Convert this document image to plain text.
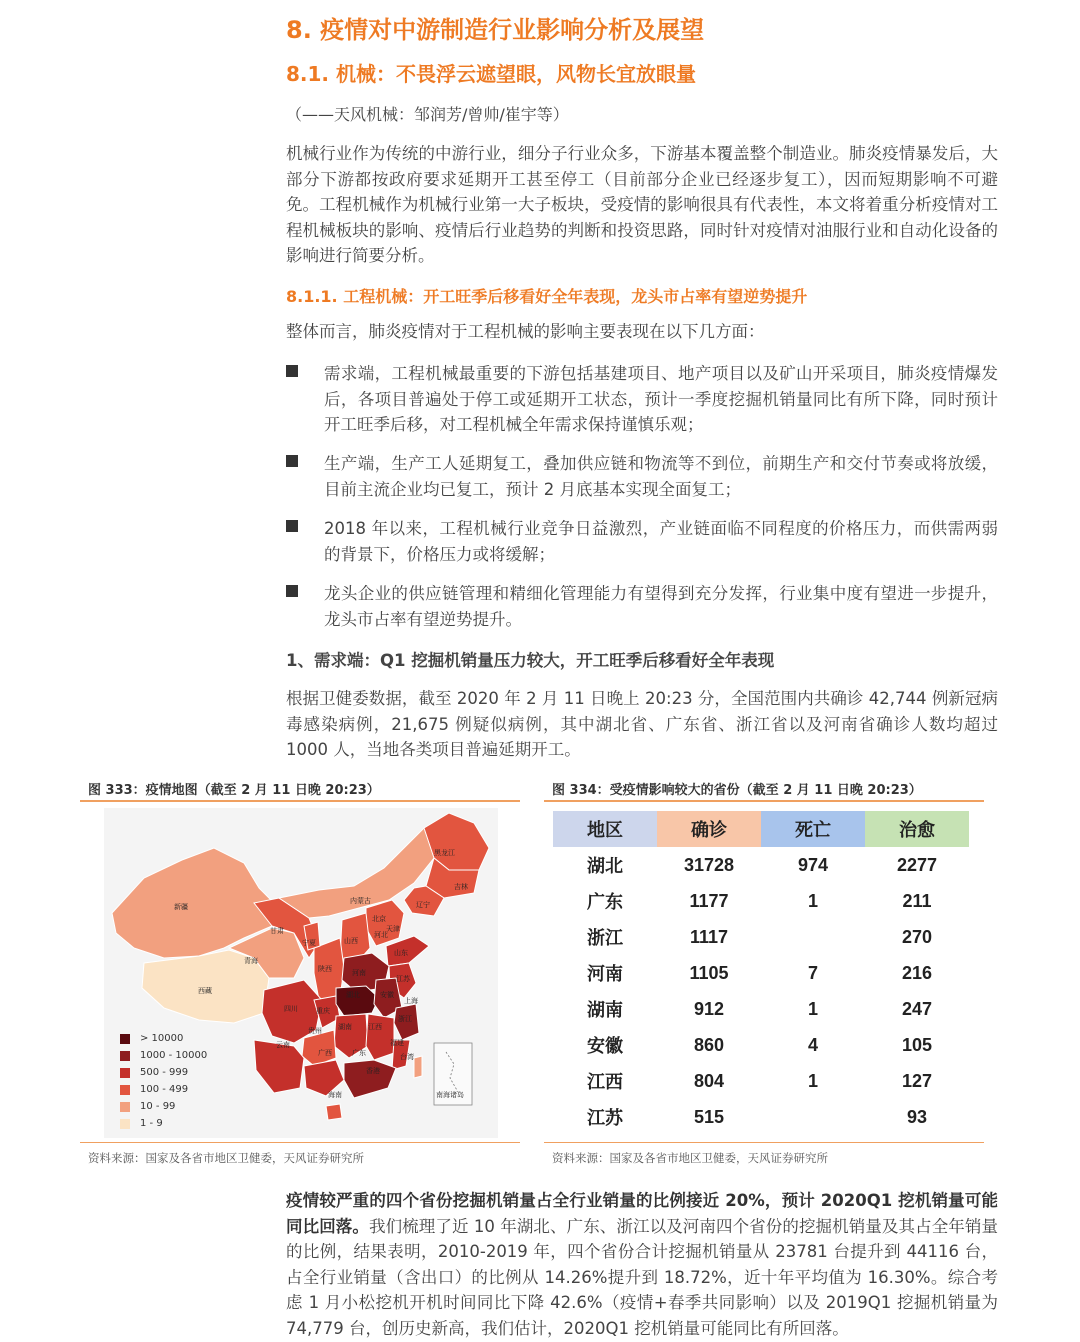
8. 疫情对中游制造行业影响分析及展望
8.1. 机械：不畏浮云遮望眼，风物长宜放眼量
（——天风机械：邹润芳/曾帅/崔宇等）
机械行业作为传统的中游行业，细分子行业众多，下游基本覆盖整个制造业。肺炎疫情暴发后，大部分下游都按政府要求延期开工甚至停工（目前部分企业已经逐步复工），因而短期影响不可避免。工程机械作为机械行业第一大子板块，受疫情的影响很具有代表性，本文将着重分析疫情对工程机械板块的影响、疫情后行业趋势的判断和投资思路，同时针对疫情对油服行业和自动化设备的影响进行简要分析。
8.1.1. 工程机械：开工旺季后移看好全年表现，龙头市占率有望逆势提升
整体而言，肺炎疫情对于工程机械的影响主要表现在以下几方面：
需求端，工程机械最重要的下游包括基建项目、地产项目以及矿山开采项目，肺炎疫情爆发后，各项目普遍处于停工或延期开工状态，预计一季度挖掘机销量同比有所下降，同时预计开工旺季后移，对工程机械全年需求保持谨慎乐观；
生产端，生产工人延期复工，叠加供应链和物流等不到位，前期生产和交付节奏或将放缓，目前主流企业均已复工，预计 2 月底基本实现全面复工；
2018 年以来，工程机械行业竞争日益激烈，产业链面临不同程度的价格压力，而供需两弱的背景下，价格压力或将缓解；
龙头企业的供应链管理和精细化管理能力有望得到充分发挥，行业集中度有望进一步提升，龙头市占率有望逆势提升。
1、需求端：Q1 挖掘机销量压力较大，开工旺季后移看好全年表现
根据卫健委数据，截至 2020 年 2 月 11 日晚上 20:23 分，全国范围内共确诊 42,744 例新冠病毒感染病例，21,675 例疑似病例，其中湖北省、广东省、浙江省以及河南省确诊人数均超过 1000 人，当地各类项目普遍延期开工。
图 333：疫情地图（截至 2 月 11 日晚 20:23）
黑龙江
吉林
辽宁
内蒙古
北京
天津
河北
新疆
甘肃
宁夏	山西
山东
青海
陕西	河南
江苏
西藏
四川
湖北	安徽
上海
重庆
浙江
湖南 江西
贵州
福建
云南
广西	广东	台湾
香港
海南	南海诸岛
> 10000
1000 - 10000
500 - 999
100 - 499
10 - 99
1 - 9
资料来源：国家及各省市地区卫健委，天风证券研究所
图 334：受疫情影响较大的省份（截至 2 月 11 日晚 20:23）
地区	确诊	死亡	治愈
湖北	31728	974	2277
广东	1177	1	211
浙江	1117		270
河南	1105	7	216
湖南	912	1	247
安徽	860	4	105
江西	804	1	127
江苏	515		93
资料来源：国家及各省市地区卫健委，天风证券研究所
疫情较严重的四个省份挖掘机销量占全行业销量的比例接近 20%，预计 2020Q1 挖机销量可能同比回落。我们梳理了近 10 年湖北、广东、浙江以及河南四个省份的挖掘机销量及其占全年销量的比例，结果表明，2010-2019 年，四个省份合计挖掘机销量从 23781 台提升到 44116 台，占全行业销量（含出口）的比例从 14.26%提升到 18.72%，近十年平均值为 16.30%。综合考虑 1 月小松挖机开机时间同比下降 42.6%（疫情+春季共同影响）以及 2019Q1 挖掘机销量为 74,779 台，创历史新高，我们估计，2020Q1 挖机销量可能同比有所回落。
